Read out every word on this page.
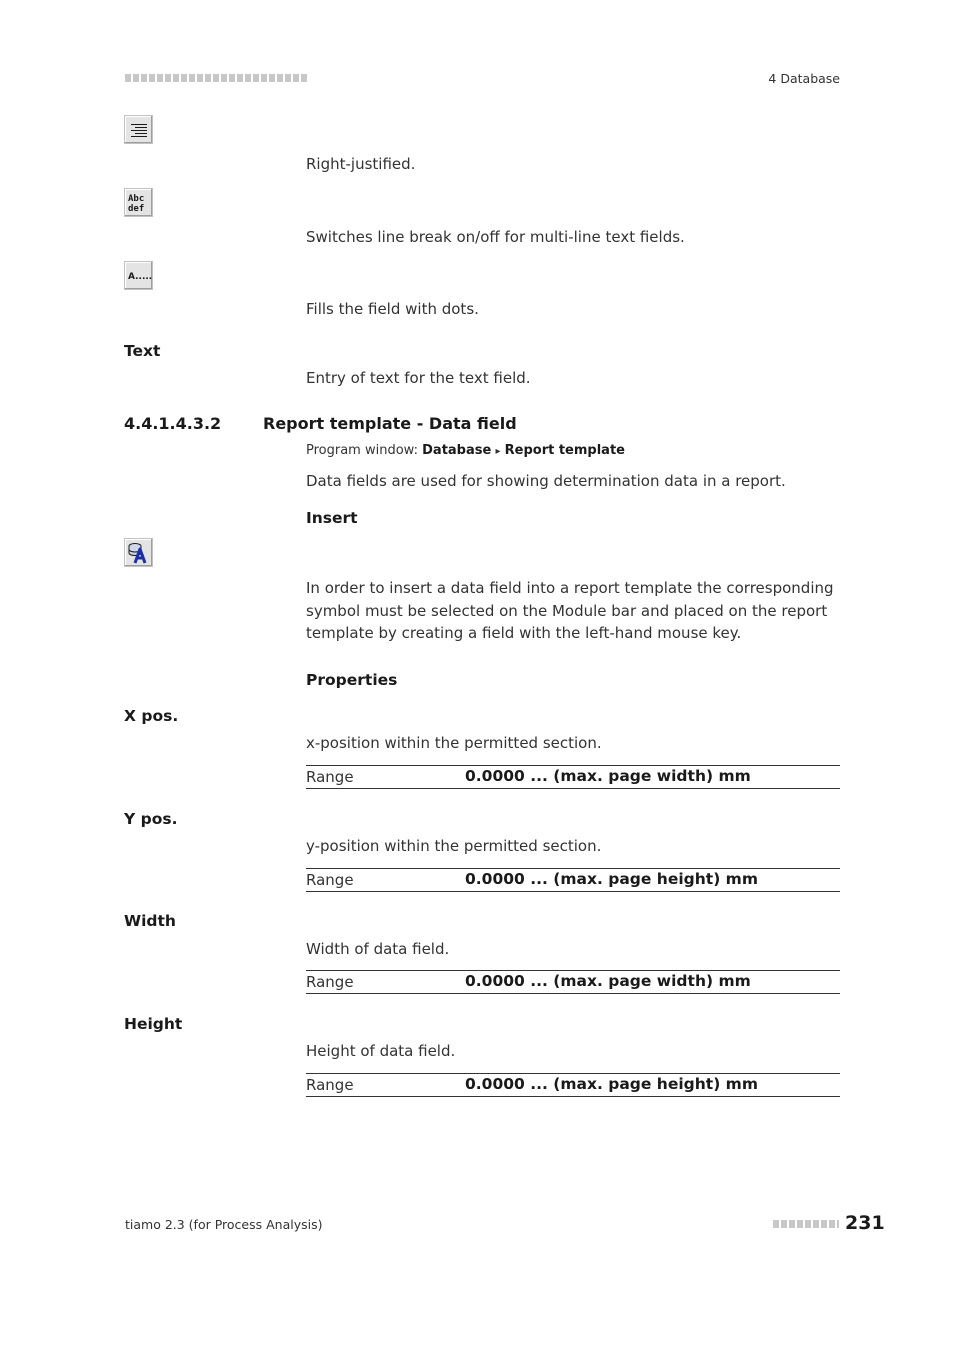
4 Database
Right-justified.
Abc
def
Switches line break on/off for multi-line text fields.
A.....
Fills the field with dots.
Text
Entry of text for the text field.
4.4.1.4.3.2	Report template - Data field
Program window: Database ▸ Report template
Data fields are used for showing determination data in a report.
Insert
In order to insert a data field into a report template the corresponding symbol must be selected on the Module bar and placed on the report template by creating a field with the left-hand mouse key.
Properties
X pos.
x-position within the permitted section.
Range	0.0000 ... (max. page width) mm
Y pos.
y-position within the permitted section.
Range	0.0000 ... (max. page height) mm
Width
Width of data field.
Range	0.0000 ... (max. page width) mm
Height
Height of data field.
Range	0.0000 ... (max. page height) mm
tiamo 2.3 (for Process Analysis)	231
